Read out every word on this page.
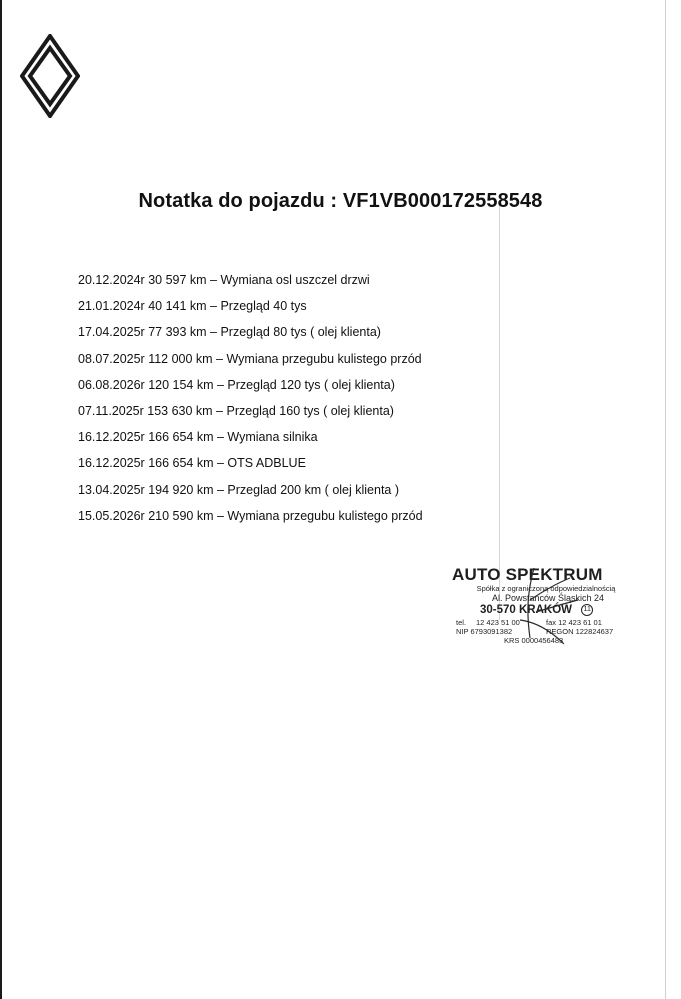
Notatka do pojazdu : VF1VB000172558548
20.12.2024r 30 597 km – Wymiana osl uszczel drzwi
21.01.2024r 40 141 km – Przegląd 40 tys
17.04.2025r 77 393 km – Przegląd 80 tys ( olej klienta)
08.07.2025r 112 000 km – Wymiana przegubu kulistego przód
06.08.2026r 120 154 km – Przegląd 120 tys ( olej klienta)
07.11.2025r 153 630 km – Przegląd 160 tys ( olej klienta)
16.12.2025r 166 654 km – Wymiana silnika
16.12.2025r 166 654 km – OTS ADBLUE
13.04.2025r 194 920 km – Przeglad 200 km ( olej klienta )
15.05.2026r 210 590 km – Wymiana przegubu kulistego przód
AUTO SPEKTRUM
Spółka z ograniczoną odpowiedzialnością
Al. Powstańców Śląskich 24
30-570 KRAKÓW 11
tel. 12 423 51 00	fax 12 423 61 01
NIP 6793091382	REGON 122824637
KRS 0000456483
